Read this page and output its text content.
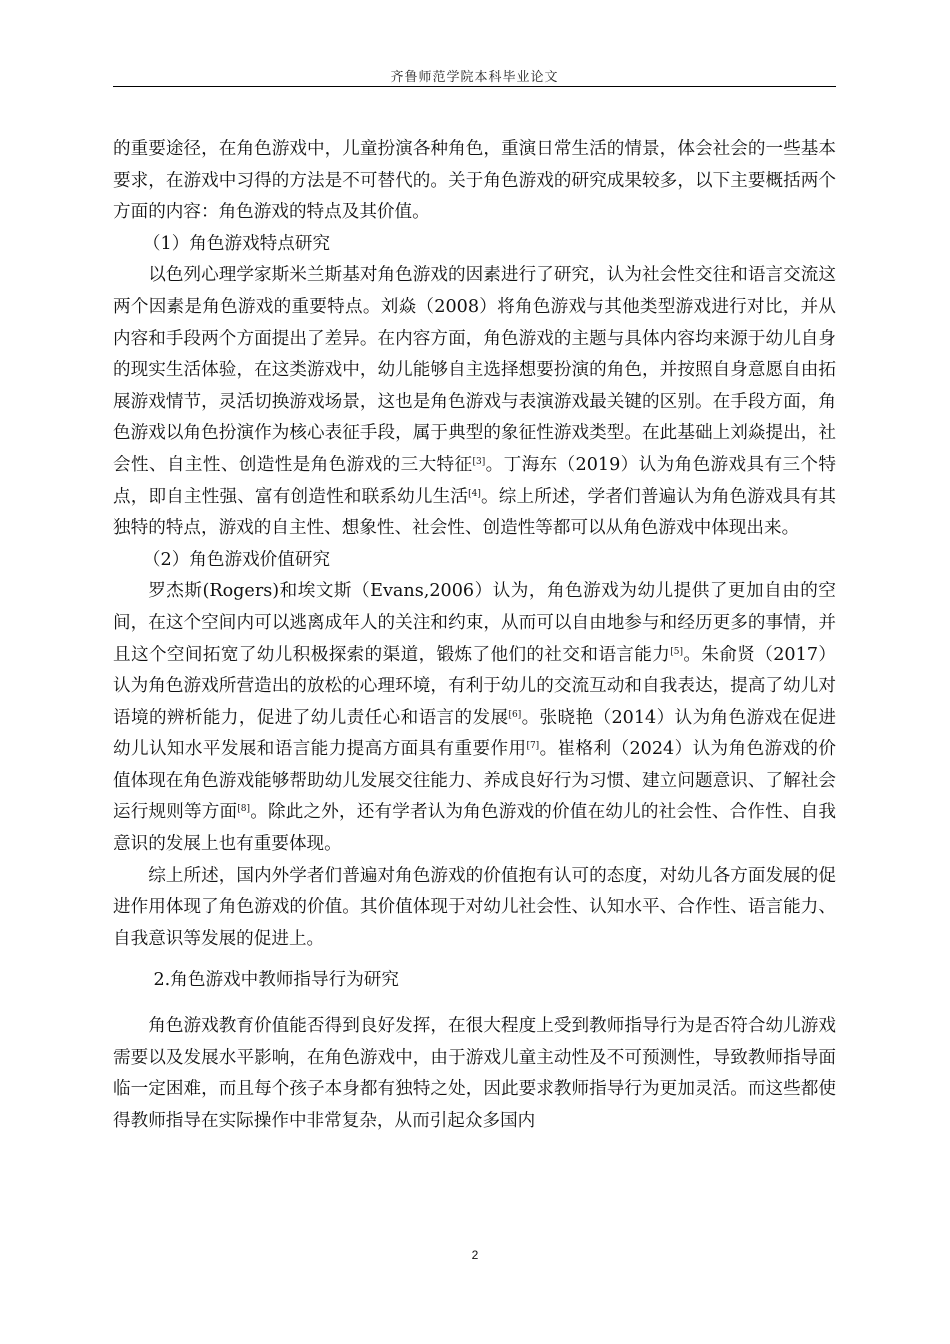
齐鲁师范学院本科毕业论文

的重要途径，在角色游戏中，儿童扮演各种角色，重演日常生活的情景，体会社会的一些基本要求，在游戏中习得的方法是不可替代的。关于角色游戏的研究成果较多，以下主要概括两个方面的内容：角色游戏的特点及其价值。

（1）角色游戏特点研究

以色列心理学家斯米兰斯基对角色游戏的因素进行了研究，认为社会性交往和语言交流这两个因素是角色游戏的重要特点。刘焱（2008）将角色游戏与其他类型游戏进行对比，并从内容和手段两个方面提出了差异。在内容方面，角色游戏的主题与具体内容均来源于幼儿自身的现实生活体验，在这类游戏中，幼儿能够自主选择想要扮演的角色，并按照自身意愿自由拓展游戏情节，灵活切换游戏场景，这也是角色游戏与表演游戏最关键的区别。在手段方面，角色游戏以角色扮演作为核心表征手段，属于典型的象征性游戏类型。在此基础上刘焱提出，社会性、自主性、创造性是角色游戏的三大特征[3]。丁海东（2019）认为角色游戏具有三个特点，即自主性强、富有创造性和联系幼儿生活[4]。综上所述，学者们普遍认为角色游戏具有其独特的特点，游戏的自主性、想象性、社会性、创造性等都可以从角色游戏中体现出来。

（2）角色游戏价值研究

罗杰斯(Rogers)和埃文斯（Evans,2006）认为，角色游戏为幼儿提供了更加自由的空间，在这个空间内可以逃离成年人的关注和约束，从而可以自由地参与和经历更多的事情，并且这个空间拓宽了幼儿积极探索的渠道，锻炼了他们的社交和语言能力[5]。朱俞贤（2017）认为角色游戏所营造出的放松的心理环境，有利于幼儿的交流互动和自我表达，提高了幼儿对语境的辨析能力，促进了幼儿责任心和语言的发展[6]。张晓艳（2014）认为角色游戏在促进幼儿认知水平发展和语言能力提高方面具有重要作用[7]。崔格利（2024）认为角色游戏的价值体现在角色游戏能够帮助幼儿发展交往能力、养成良好行为习惯、建立问题意识、了解社会运行规则等方面[8]。除此之外，还有学者认为角色游戏的价值在幼儿的社会性、合作性、自我意识的发展上也有重要体现。

综上所述，国内外学者们普遍对角色游戏的价值抱有认可的态度，对幼儿各方面发展的促进作用体现了角色游戏的价值。其价值体现于对幼儿社会性、认知水平、合作性、语言能力、自我意识等发展的促进上。

2.角色游戏中教师指导行为研究

角色游戏教育价值能否得到良好发挥，在很大程度上受到教师指导行为是否符合幼儿游戏需要以及发展水平影响，在角色游戏中，由于游戏儿童主动性及不可预测性，导致教师指导面临一定困难，而且每个孩子本身都有独特之处，因此要求教师指导行为更加灵活。而这些都使得教师指导在实际操作中非常复杂，从而引起众多国内

2
